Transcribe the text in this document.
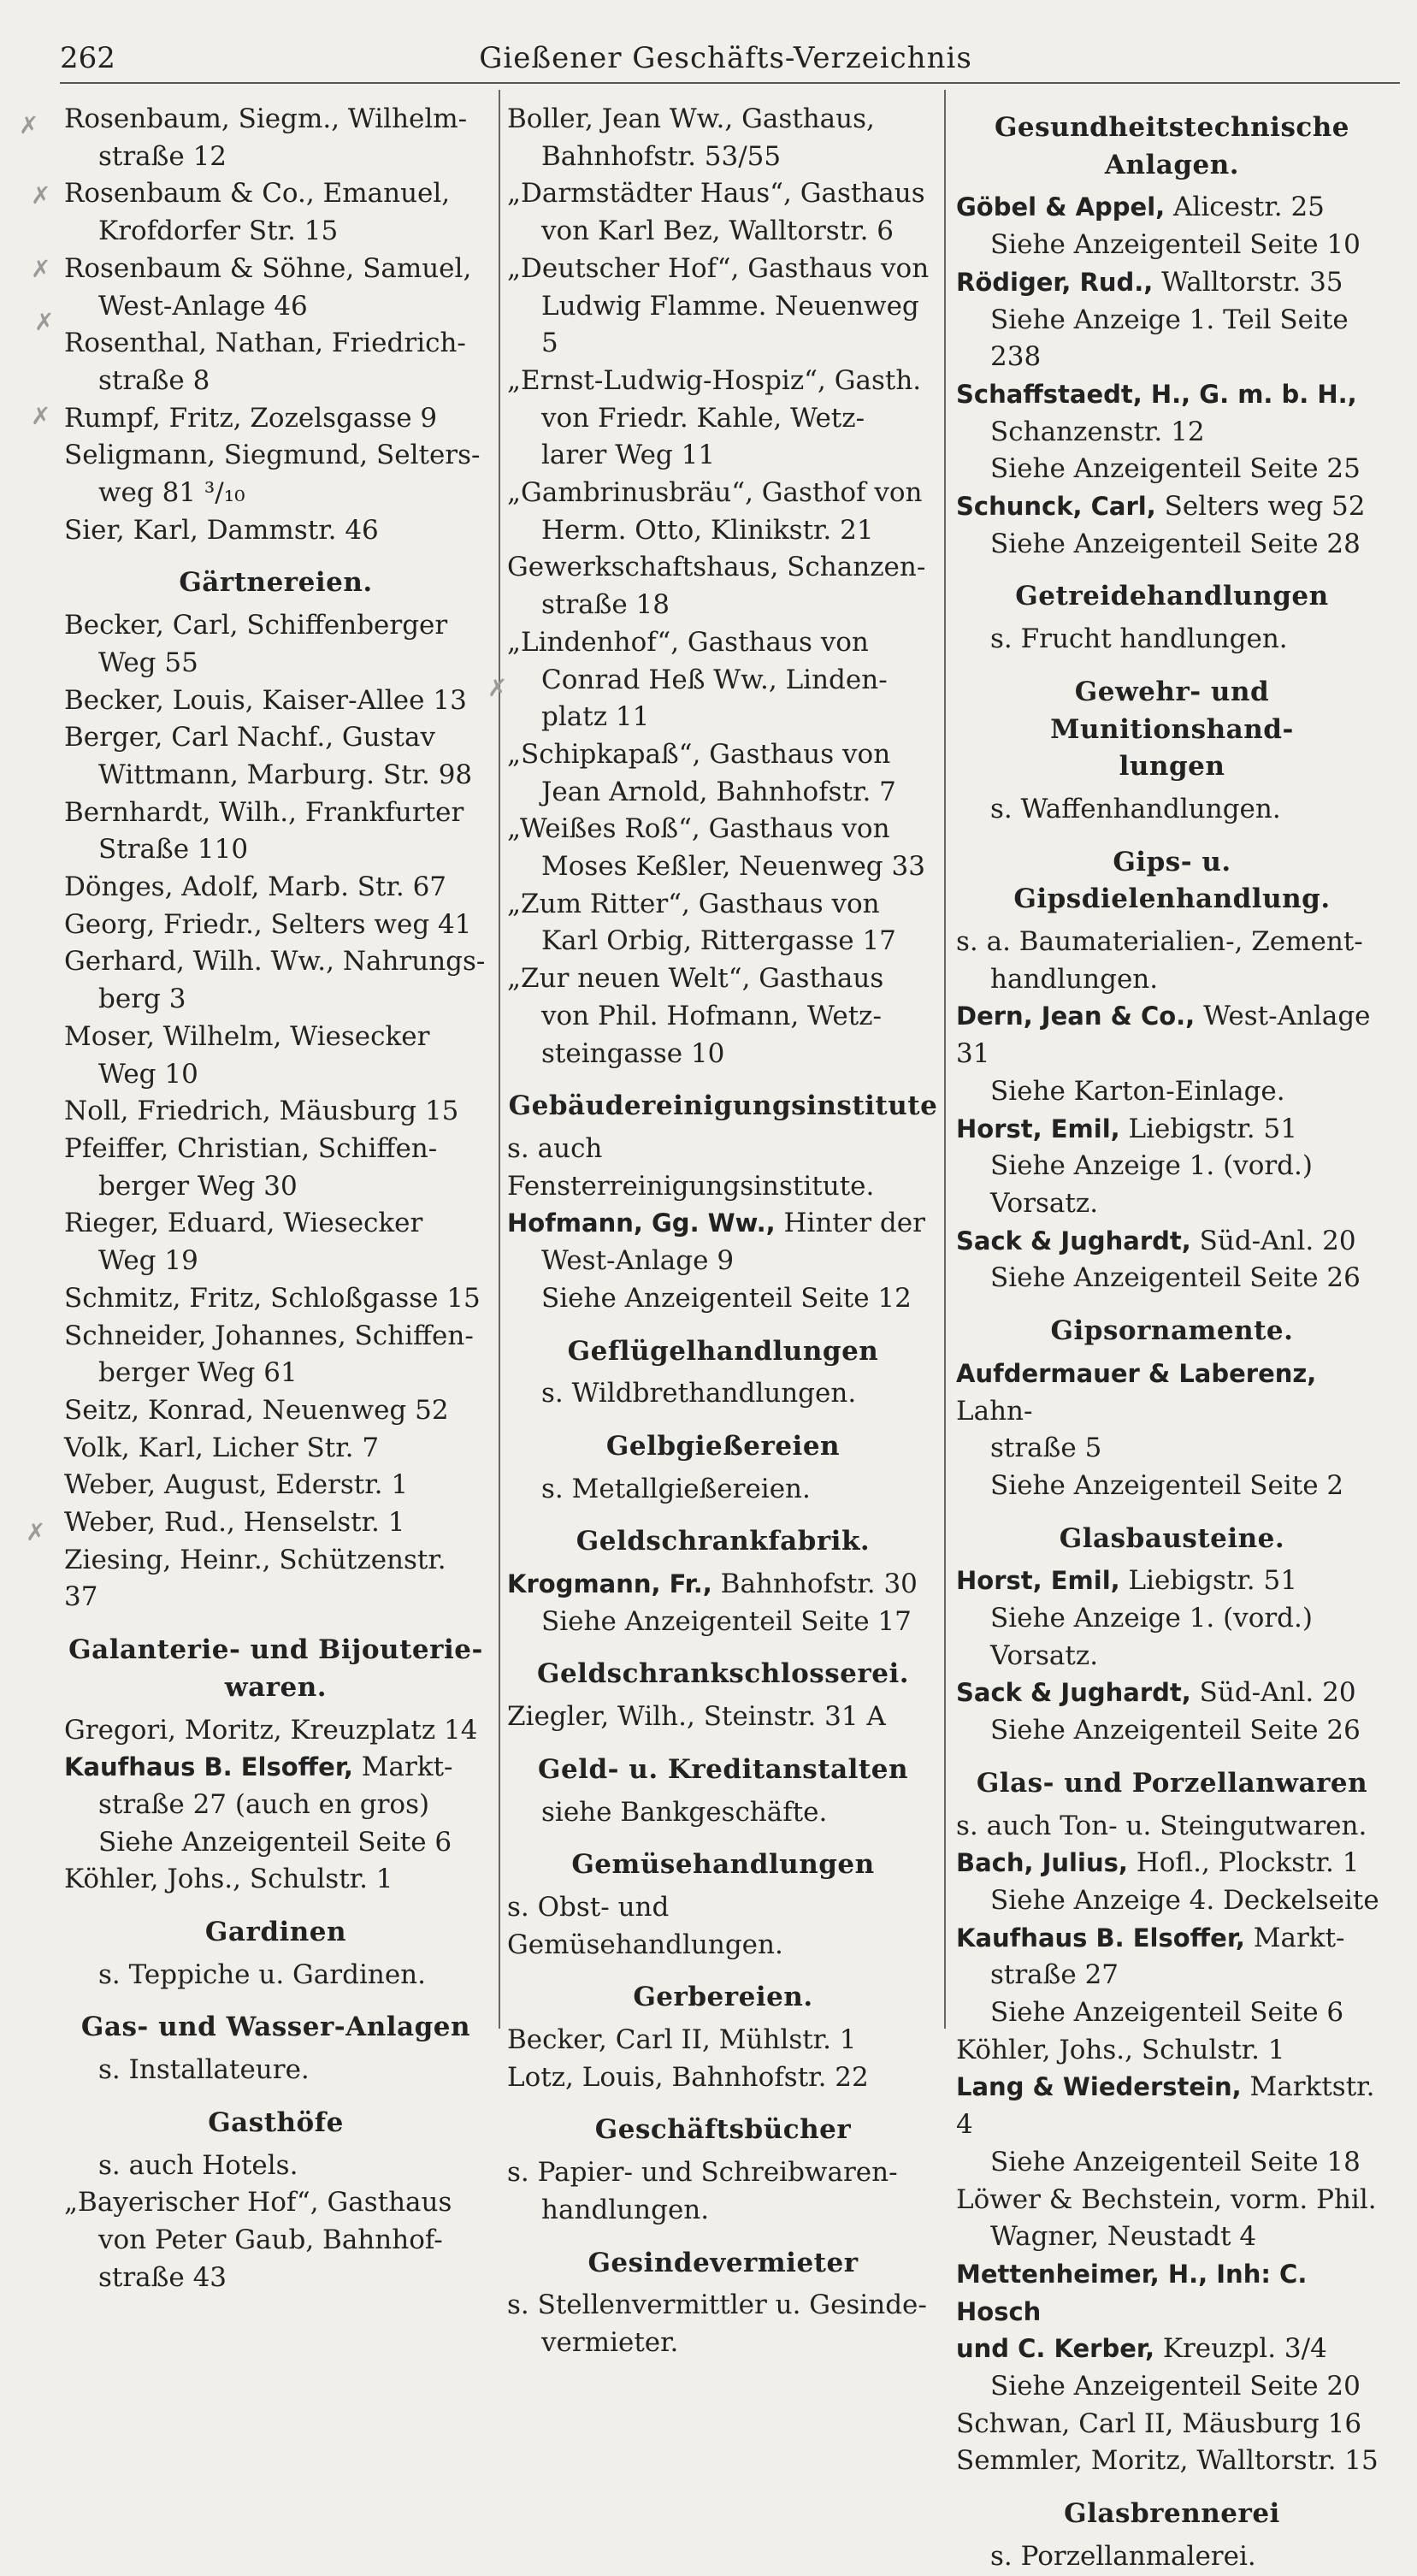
262	Gießener Geschäfts-Verzeichnis
✗
✗
✗
✗
✗
✗
✗
Rosenbaum, Siegm., Wilhelm-
straße 12
Rosenbaum & Co., Emanuel,
Krofdorfer Str. 15
Rosenbaum & Söhne, Samuel,
West-Anlage 46
Rosenthal, Nathan, Friedrich-
straße 8
Rumpf, Fritz, Zozelsgasse 9
Seligmann, Siegmund, Selters-
weg 81 ³/₁₀
Sier, Karl, Dammstr. 46
Gärtnereien.
Becker, Carl, Schiffenberger
Weg 55
Becker, Louis, Kaiser-Allee 13
Berger, Carl Nachf., Gustav
Wittmann, Marburg. Str. 98
Bernhardt, Wilh., Frankfurter
Straße 110
Dönges, Adolf, Marb. Str. 67
Georg, Friedr., Selters weg 41
Gerhard, Wilh. Ww., Nahrungs-
berg 3
Moser, Wilhelm, Wiesecker
Weg 10
Noll, Friedrich, Mäusburg 15
Pfeiffer, Christian, Schiffen-
berger Weg 30
Rieger, Eduard, Wiesecker
Weg 19
Schmitz, Fritz, Schloßgasse 15
Schneider, Johannes, Schiffen-
berger Weg 61
Seitz, Konrad, Neuenweg 52
Volk, Karl, Licher Str. 7
Weber, August, Ederstr. 1
Weber, Rud., Henselstr. 1
Ziesing, Heinr., Schützenstr. 37
Galanterie- und Bijouterie-
waren.
Gregori, Moritz, Kreuzplatz 14
Kaufhaus B. Elsoffer, Markt-
straße 27 (auch en gros)
Siehe Anzeigenteil Seite 6
Köhler, Johs., Schulstr. 1
Gardinen
s. Teppiche u. Gardinen.
Gas- und Wasser-Anlagen
s. Installateure.
Gasthöfe
s. auch Hotels.
„Bayerischer Hof“, Gasthaus
von Peter Gaub, Bahnhof-
straße 43
Boller, Jean Ww., Gasthaus,
Bahnhofstr. 53/55
„Darmstädter Haus“, Gasthaus
von Karl Bez, Walltorstr. 6
„Deutscher Hof“, Gasthaus von
Ludwig Flamme. Neuenweg 5
„Ernst-Ludwig-Hospiz“, Gasth.
von Friedr. Kahle, Wetz-
larer Weg 11
„Gambrinusbräu“, Gasthof von
Herm. Otto, Klinikstr. 21
Gewerkschaftshaus, Schanzen-
straße 18
„Lindenhof“, Gasthaus von
Conrad Heß Ww., Linden-
platz 11
„Schipkapaß“, Gasthaus von
Jean Arnold, Bahnhofstr. 7
„Weißes Roß“, Gasthaus von
Moses Keßler, Neuenweg 33
„Zum Ritter“, Gasthaus von
Karl Orbig, Rittergasse 17
„Zur neuen Welt“, Gasthaus
von Phil. Hofmann, Wetz-
steingasse 10
Gebäudereinigungsinstitute
s. auch Fensterreinigungsinstitute.
Hofmann, Gg. Ww., Hinter der
West-Anlage 9
Siehe Anzeigenteil Seite 12
Geflügelhandlungen
s. Wildbrethandlungen.
Gelbgießereien
s. Metallgießereien.
Geldschrankfabrik.
Krogmann, Fr., Bahnhofstr. 30
Siehe Anzeigenteil Seite 17
Geldschrankschlosserei.
Ziegler, Wilh., Steinstr. 31 A
Geld- u. Kreditanstalten
siehe Bankgeschäfte.
Gemüsehandlungen
s. Obst- und Gemüsehandlungen.
Gerbereien.
Becker, Carl II, Mühlstr. 1
Lotz, Louis, Bahnhofstr. 22
Geschäftsbücher
s. Papier- und Schreibwaren-
handlungen.
Gesindevermieter
s. Stellenvermittler u. Gesinde-
vermieter.
Gesundheitstechnische
Anlagen.
Göbel & Appel, Alicestr. 25
Siehe Anzeigenteil Seite 10
Rödiger, Rud., Walltorstr. 35
Siehe Anzeige 1. Teil Seite 238
Schaffstaedt, H., G. m. b. H.,
Schanzenstr. 12
Siehe Anzeigenteil Seite 25
Schunck, Carl, Selters weg 52
Siehe Anzeigenteil Seite 28
Getreidehandlungen
s. Frucht handlungen.
Gewehr- und Munitionshand-
lungen
s. Waffenhandlungen.
Gips- u. Gipsdielenhandlung.
s. a. Baumaterialien-, Zement-
handlungen.
Dern, Jean & Co., West-Anlage 31
Siehe Karton-Einlage.
Horst, Emil, Liebigstr. 51
Siehe Anzeige 1. (vord.) Vorsatz.
Sack & Jughardt, Süd-Anl. 20
Siehe Anzeigenteil Seite 26
Gipsornamente.
Aufdermauer & Laberenz, Lahn-
straße 5
Siehe Anzeigenteil Seite 2
Glasbausteine.
Horst, Emil, Liebigstr. 51
Siehe Anzeige 1. (vord.) Vorsatz.
Sack & Jughardt, Süd-Anl. 20
Siehe Anzeigenteil Seite 26
Glas- und Porzellanwaren
s. auch Ton- u. Steingutwaren.
Bach, Julius, Hofl., Plockstr. 1
Siehe Anzeige 4. Deckelseite
Kaufhaus B. Elsoffer, Markt-
straße 27
Siehe Anzeigenteil Seite 6
Köhler, Johs., Schulstr. 1
Lang & Wiederstein, Marktstr. 4
Siehe Anzeigenteil Seite 18
Löwer & Bechstein, vorm. Phil.
Wagner, Neustadt 4
Mettenheimer, H., Inh: C. Hosch
und C. Kerber, Kreuzpl. 3/4
Siehe Anzeigenteil Seite 20
Schwan, Carl II, Mäusburg 16
Semmler, Moritz, Walltorstr. 15
Glasbrennerei
s. Porzellanmalerei.
